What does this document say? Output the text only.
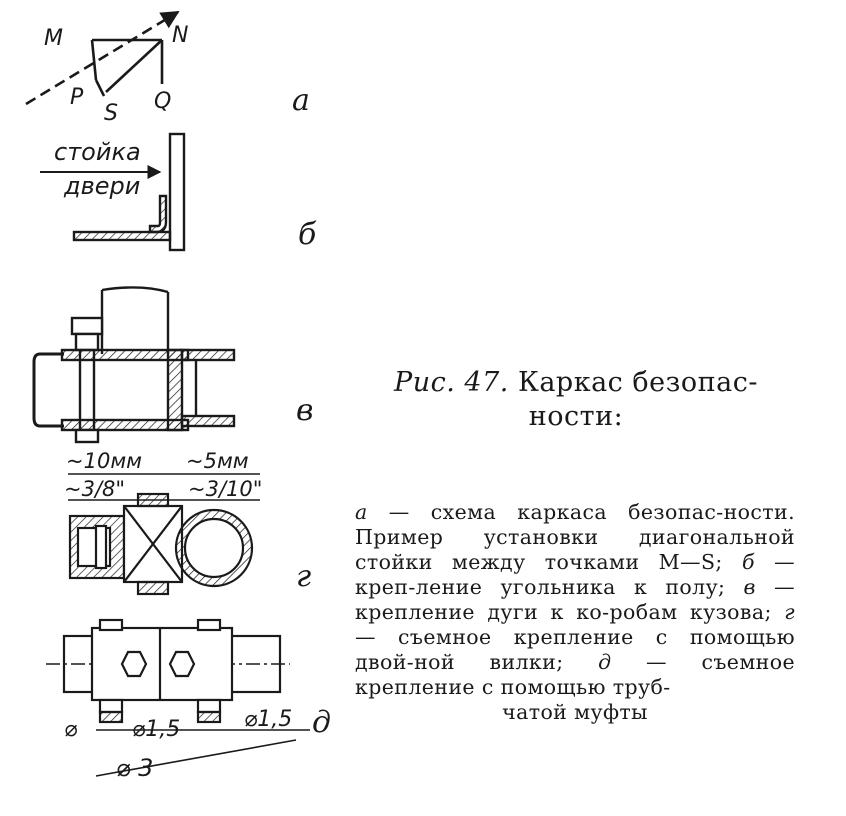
M	N
P
S Q	а
стойка
двери
б
в
~10мм ~5мм
~3/8"	~3/10"
г
⌀ ⌀1,5	⌀1,5
⌀ 3
д
Рис. 47. Каркас безопас-
ности:
а — схема каркаса безопас-ности. Пример установки диагональной стойки между точками M—S; б — креп-ление угольника к полу; в — крепление дуги к ко-робам кузова; г — съемное крепление с помощью двой-ной вилки; д — съемное крепление с помощью труб-
чатой муфты
